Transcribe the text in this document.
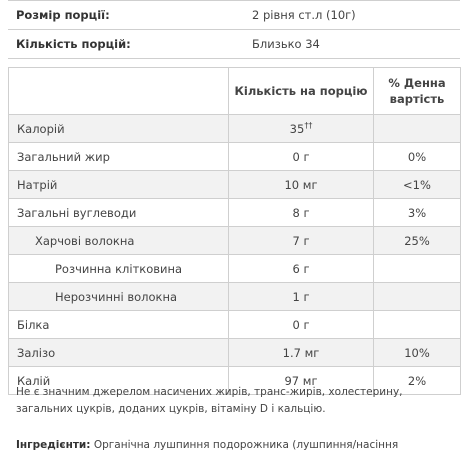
Розмір порції:	2 рівня ст.л (10г)
Кількість порцій:	Близько 34
	Кількість на порцію	% Денна вартість
Калорій	35††	
Загальний жир	0 г	0%
Натрій	10 мг	<1%
Загальні вуглеводи	8 г	3%
Харчові волокна	7 г	25%
Розчинна клітковина	6 г	
Нерозчинні волокна	1 г	
Білка	0 г	
Залізо	1.7 мг	10%
Калій	97 мг	2%
Не є значним джерелом насичених жирів, транс-жирів, холестерину, загальних цукрів, доданих цукрів, вітаміну D і кальцію.
Інгредієнти: Органічна лушпиння подорожника (лушпиння/насіння
